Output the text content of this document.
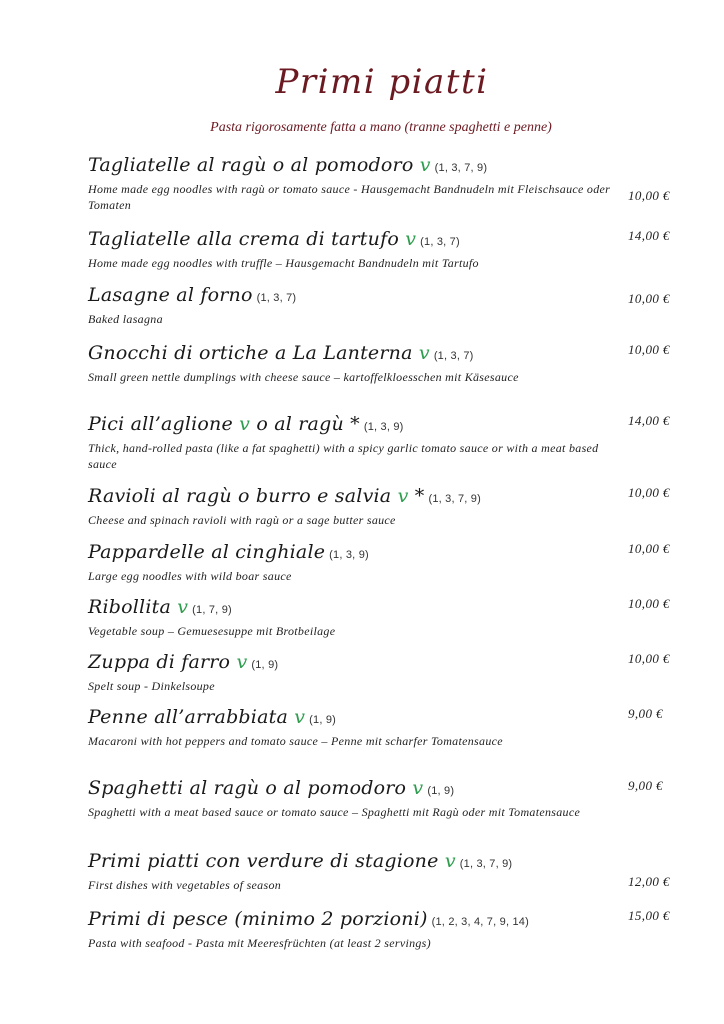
Primi piatti
Pasta rigorosamente fatta a mano (tranne spaghetti e penne)
Tagliatelle al ragù o al pomodoro v (1, 3, 7, 9)
Home made egg noodles with ragù or tomato sauce - Hausgemacht Bandnudeln mit Fleischsauce oder Tomaten
10,00 €
Tagliatelle alla crema di tartufo v (1, 3, 7)
Home made egg noodles with truffle – Hausgemacht Bandnudeln mit Tartufo
14,00 €
Lasagne al forno (1, 3, 7)
Baked lasagna
10,00 €
Gnocchi di ortiche a La Lanterna v (1, 3, 7)
Small green nettle dumplings with cheese sauce – kartoffelkloesschen mit Käsesauce
10,00 €
Pici all’aglione v o al ragù * (1, 3, 9)
Thick, hand-rolled pasta (like a fat spaghetti) with a spicy garlic tomato sauce or with a meat based sauce
14,00 €
Ravioli al ragù o burro e salvia v * (1, 3, 7, 9)
Cheese and spinach ravioli with ragù or a sage butter sauce
10,00 €
Pappardelle al cinghiale (1, 3, 9)
Large egg noodles with wild boar sauce
10,00 €
Ribollita v (1, 7, 9)
Vegetable soup – Gemuesesuppe mit Brotbeilage
10,00 €
Zuppa di farro v (1, 9)
Spelt soup - Dinkelsoupe
10,00 €
Penne all’arrabbiata v (1, 9)
Macaroni with hot peppers and tomato sauce – Penne mit scharfer Tomatensauce
9,00 €
Spaghetti al ragù o al pomodoro v (1, 9)
Spaghetti with a meat based sauce or tomato sauce – Spaghetti mit Ragù oder mit Tomatensauce
9,00 €
Primi piatti con verdure di stagione v (1, 3, 7, 9)
First dishes with vegetables of season	12,00 €
Primi di pesce (minimo 2 porzioni) (1, 2, 3, 4, 7, 9, 14)
Pasta with seafood - Pasta mit Meeresfrüchten (at least 2 servings)
15,00 €
